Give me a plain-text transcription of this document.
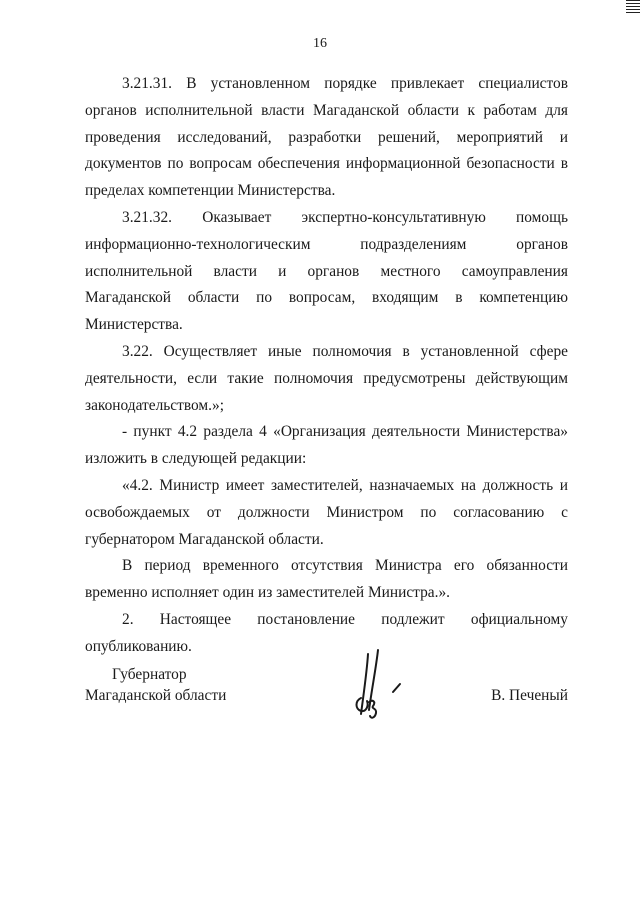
16

3.21.31. В установленном порядке привлекает специалистов органов исполнительной власти Магаданской области к работам для проведения исследований, разработки решений, мероприятий и документов по вопросам обеспечения информационной безопасности в пределах компетенции Министерства.

3.21.32. Оказывает экспертно-консультативную помощь информационно-технологическим подразделениям органов исполнительной власти и органов местного самоуправления Магаданской области по вопросам, входящим в компетенцию Министерства.

3.22. Осуществляет иные полномочия в установленной сфере деятельности, если такие полномочия предусмотрены действующим законодательством.»;

- пункт 4.2 раздела 4 «Организация деятельности Министерства» изложить в следующей редакции:

«4.2. Министр имеет заместителей, назначаемых на должность и освобождаемых от должности Министром по согласованию с губернатором Магаданской области.

В период временного отсутствия Министра его обязанности временно исполняет один из заместителей Министра.».

2. Настоящее постановление подлежит официальному опубликованию.

Губернатор
Магаданской области	В. Печеный
